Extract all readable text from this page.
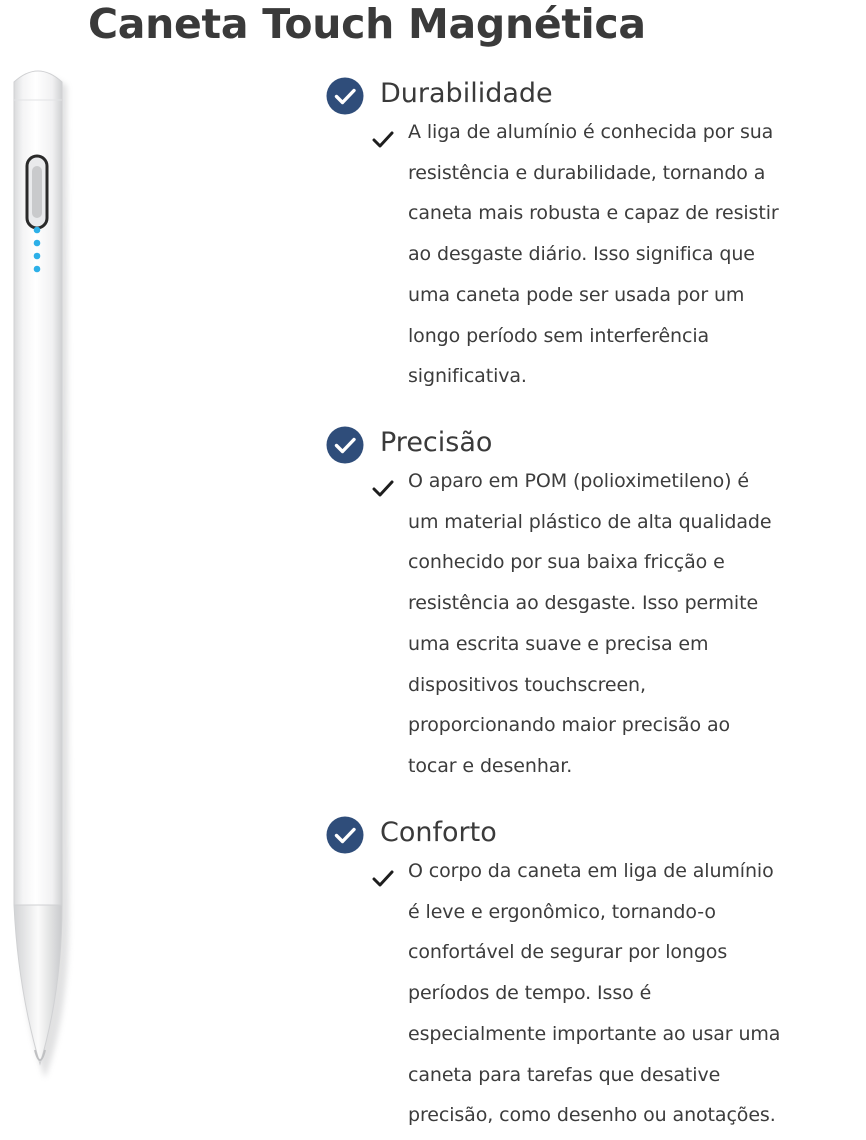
Caneta Touch Magnética
Durabilidade

A liga de alumínio é conhecida por sua
resistência e durabilidade, tornando a
caneta mais robusta e capaz de resistir
ao desgaste diário. Isso significa que
uma caneta pode ser usada por um
longo período sem interferência
significativa.

Precisão

O aparo em POM (polioximetileno) é
um material plástico de alta qualidade
conhecido por sua baixa fricção e
resistência ao desgaste. Isso permite
uma escrita suave e precisa em
dispositivos touchscreen,
proporcionando maior precisão ao
tocar e desenhar.

Conforto

O corpo da caneta em liga de alumínio
é leve e ergonômico, tornando-o
confortável de segurar por longos
períodos de tempo. Isso é
especialmente importante ao usar uma
caneta para tarefas que desative
precisão, como desenho ou anotações.
